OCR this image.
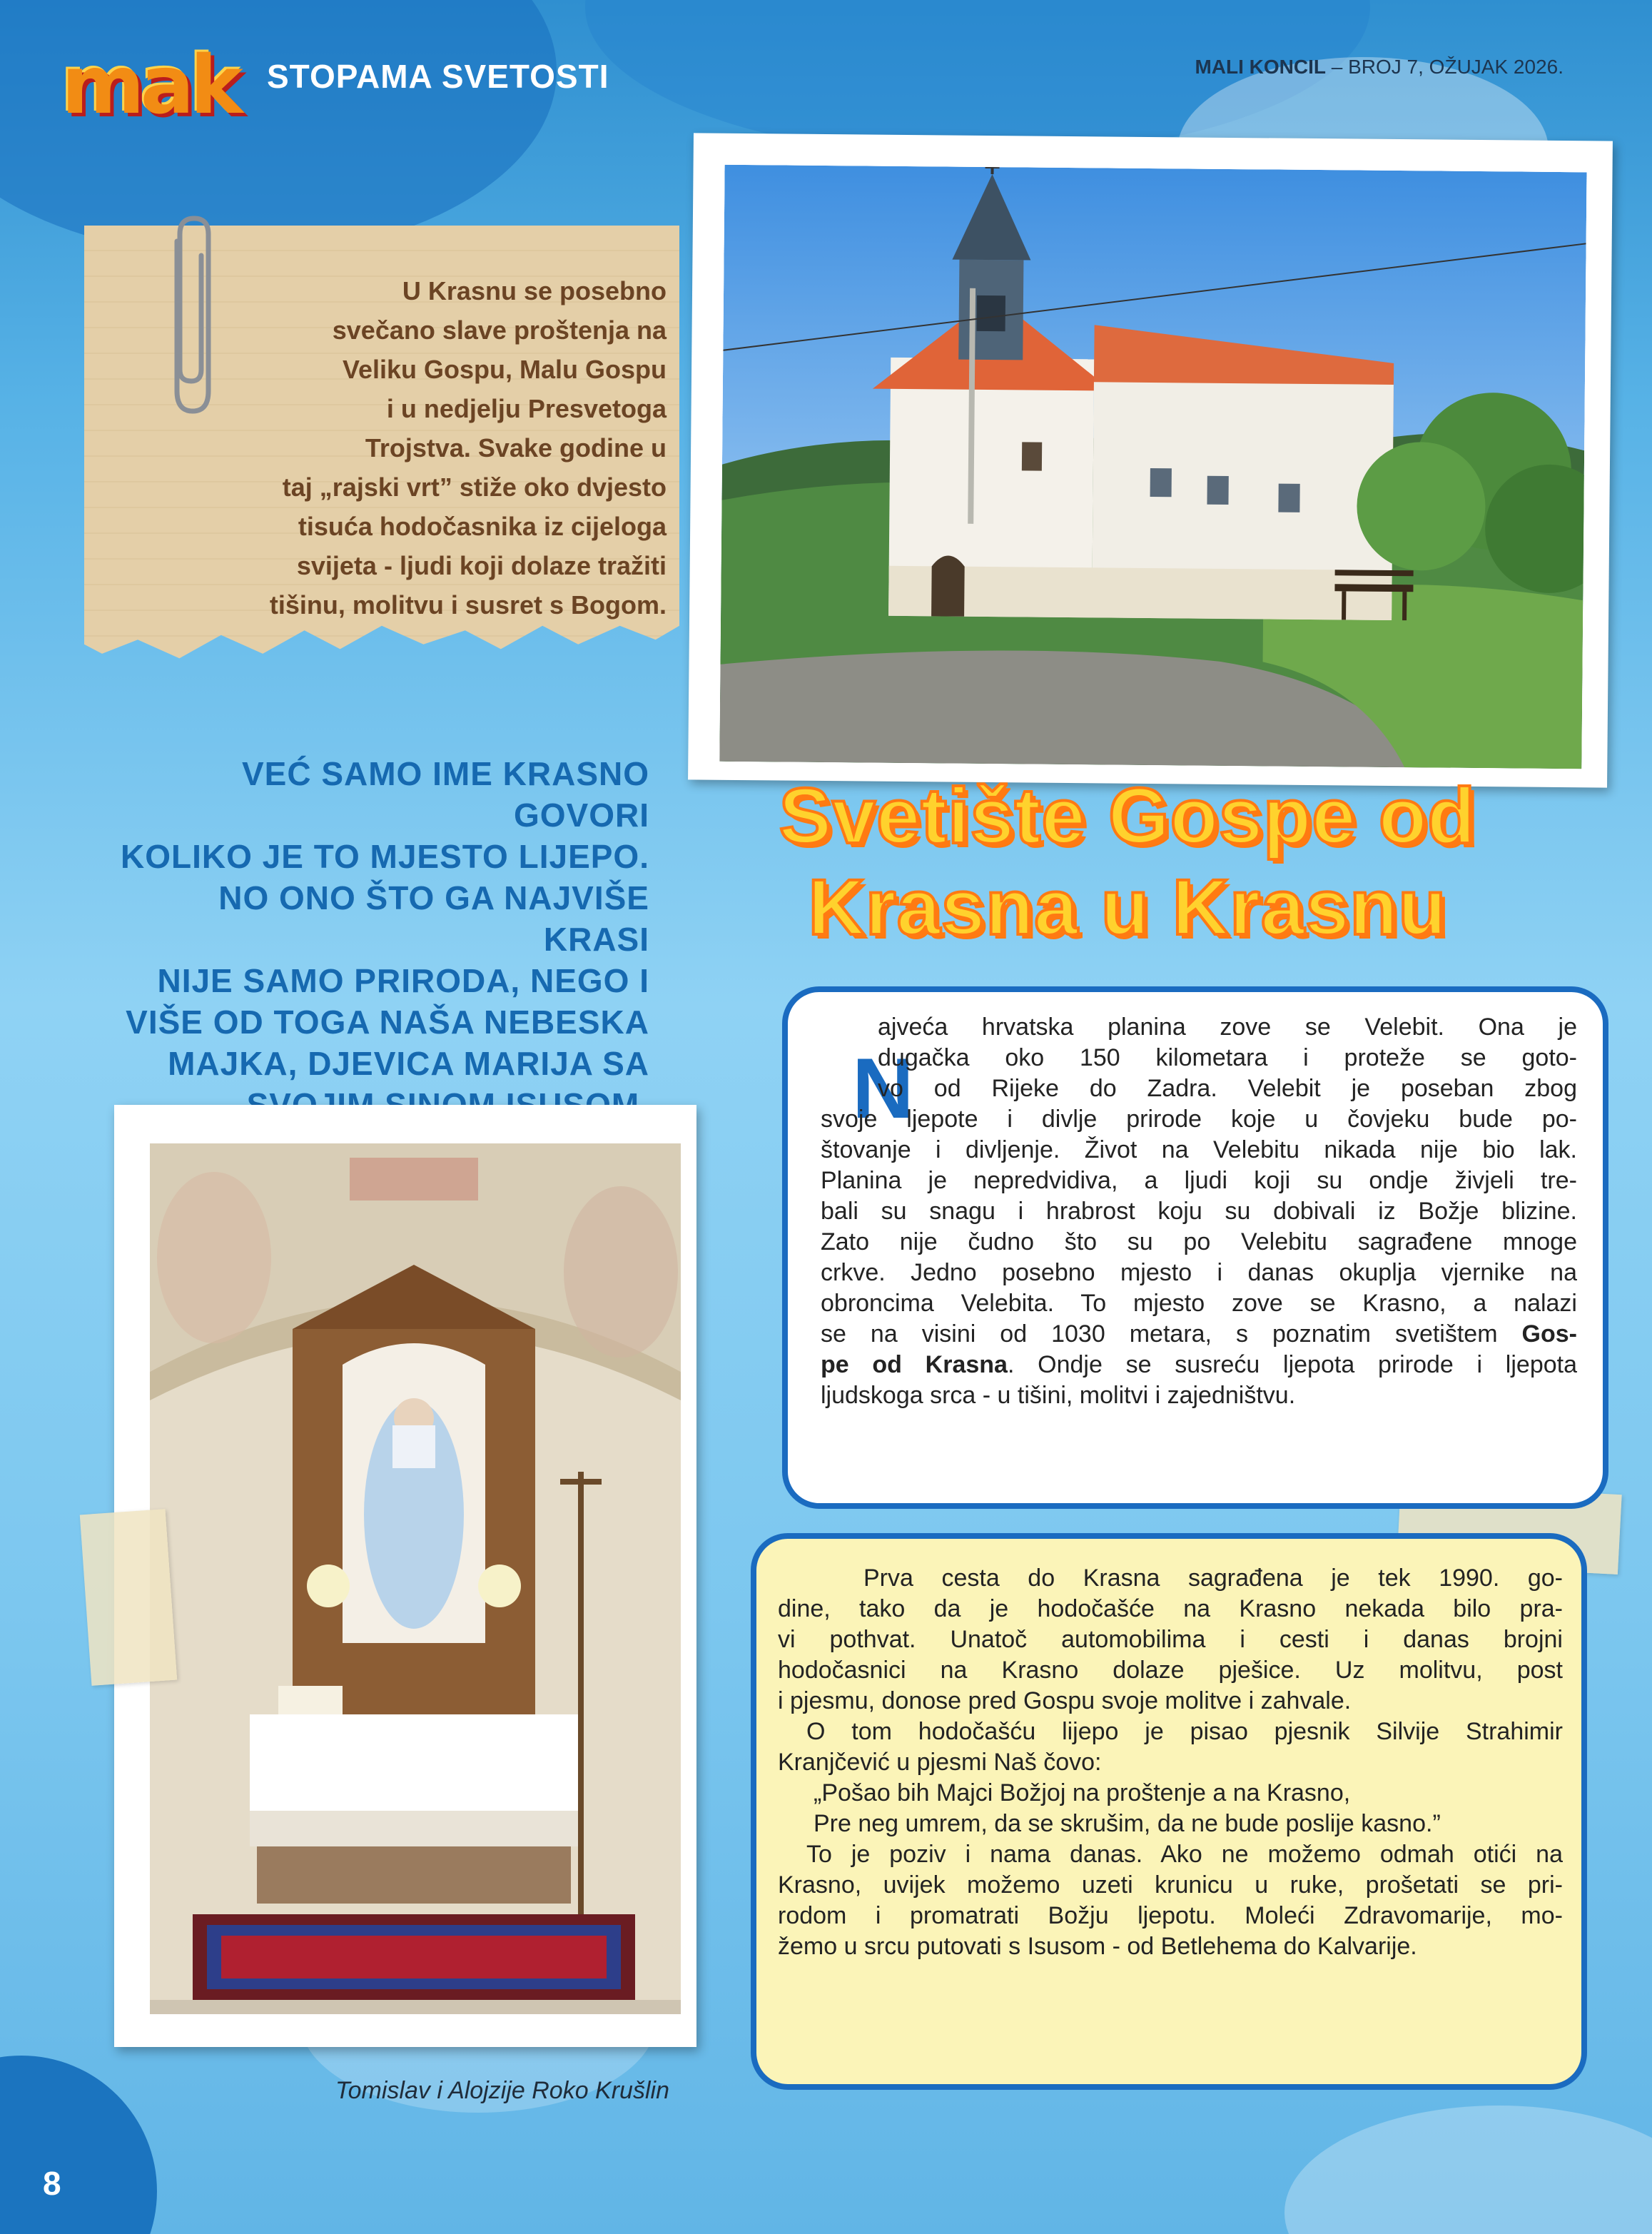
mak STOPAMA SVETOSTI	MALI KONCIL – BROJ 7, OŽUJAK 2026.
U Krasnu se posebno
svečano slave proštenja na
Veliku Gospu, Malu Gospu
i u nedjelju Presvetoga
Trojstva. Svake godine u
taj „rajski vrt” stiže oko dvjesto
tisuća hodočasnika iz cijeloga
svijeta - ljudi koji dolaze tražiti
tišinu, molitvu i susret s Bogom.
VEĆ SAMO IME KRASNO GOVORI
KOLIKO JE TO MJESTO LIJEPO.
NO ONO ŠTO GA NAJVIŠE KRASI
NIJE SAMO PRIRODA, NEGO I
VIŠE OD TOGA NAŠA NEBESKA
MAJKA, DJEVICA MARIJA SA
Svetište Gospe od
Krasna u Krasnu
N
ajveća hrvatska planina zove se Velebit. Ona je
dugačka oko 150 kilometara i proteže se goto-
vo od Rijeke do Zadra. Velebit je poseban zbog
svoje ljepote i divlje prirode koje u čovjeku bude po-
štovanje i divljenje. Život na Velebitu nikada nije bio lak.
Planina je nepredvidiva, a ljudi koji su ondje živjeli tre-
bali su snagu i hrabrost koju su dobivali iz Božje blizine.
Zato nije čudno što su po Velebitu sagrađene mnoge
crkve. Jedno posebno mjesto i danas okuplja vjernike na
obroncima Velebita. To mjesto zove se Krasno, a nalazi
se na visini od 1030 metara, s poznatim svetištem Gos-
pe od Krasna. Ondje se susreću ljepota prirode i ljepota
ljudskoga srca - u tišini, molitvi i zajedništvu.
Prva cesta do Krasna sagrađena je tek 1990. go-
dine, tako da je hodočašće na Krasno nekada bilo pra-
vi pothvat. Unatoč automobilima i cesti i danas brojni
hodočasnici na Krasno dolaze pješice. Uz molitvu, post
i pjesmu, donose pred Gospu svoje molitve i zahvale.
O tom hodočašću lijepo je pisao pjesnik Silvije Strahimir
Kranjčević u pjesmi Naš čovo:
„Pošao bih Majci Božjoj na proštenje a na Krasno,
Pre neg umrem, da se skrušim, da ne bude poslije kasno.”
To je poziv i nama danas. Ako ne možemo odmah otići na
Krasno, uvijek možemo uzeti krunicu u ruke, prošetati se pri-
rodom i promatrati Božju ljepotu. Moleći Zdravomarije, mo-
žemo u srcu putovati s Isusom - od Betlehema do Kalvarije.
Tomislav i Alojzije Roko Krušlin
8
